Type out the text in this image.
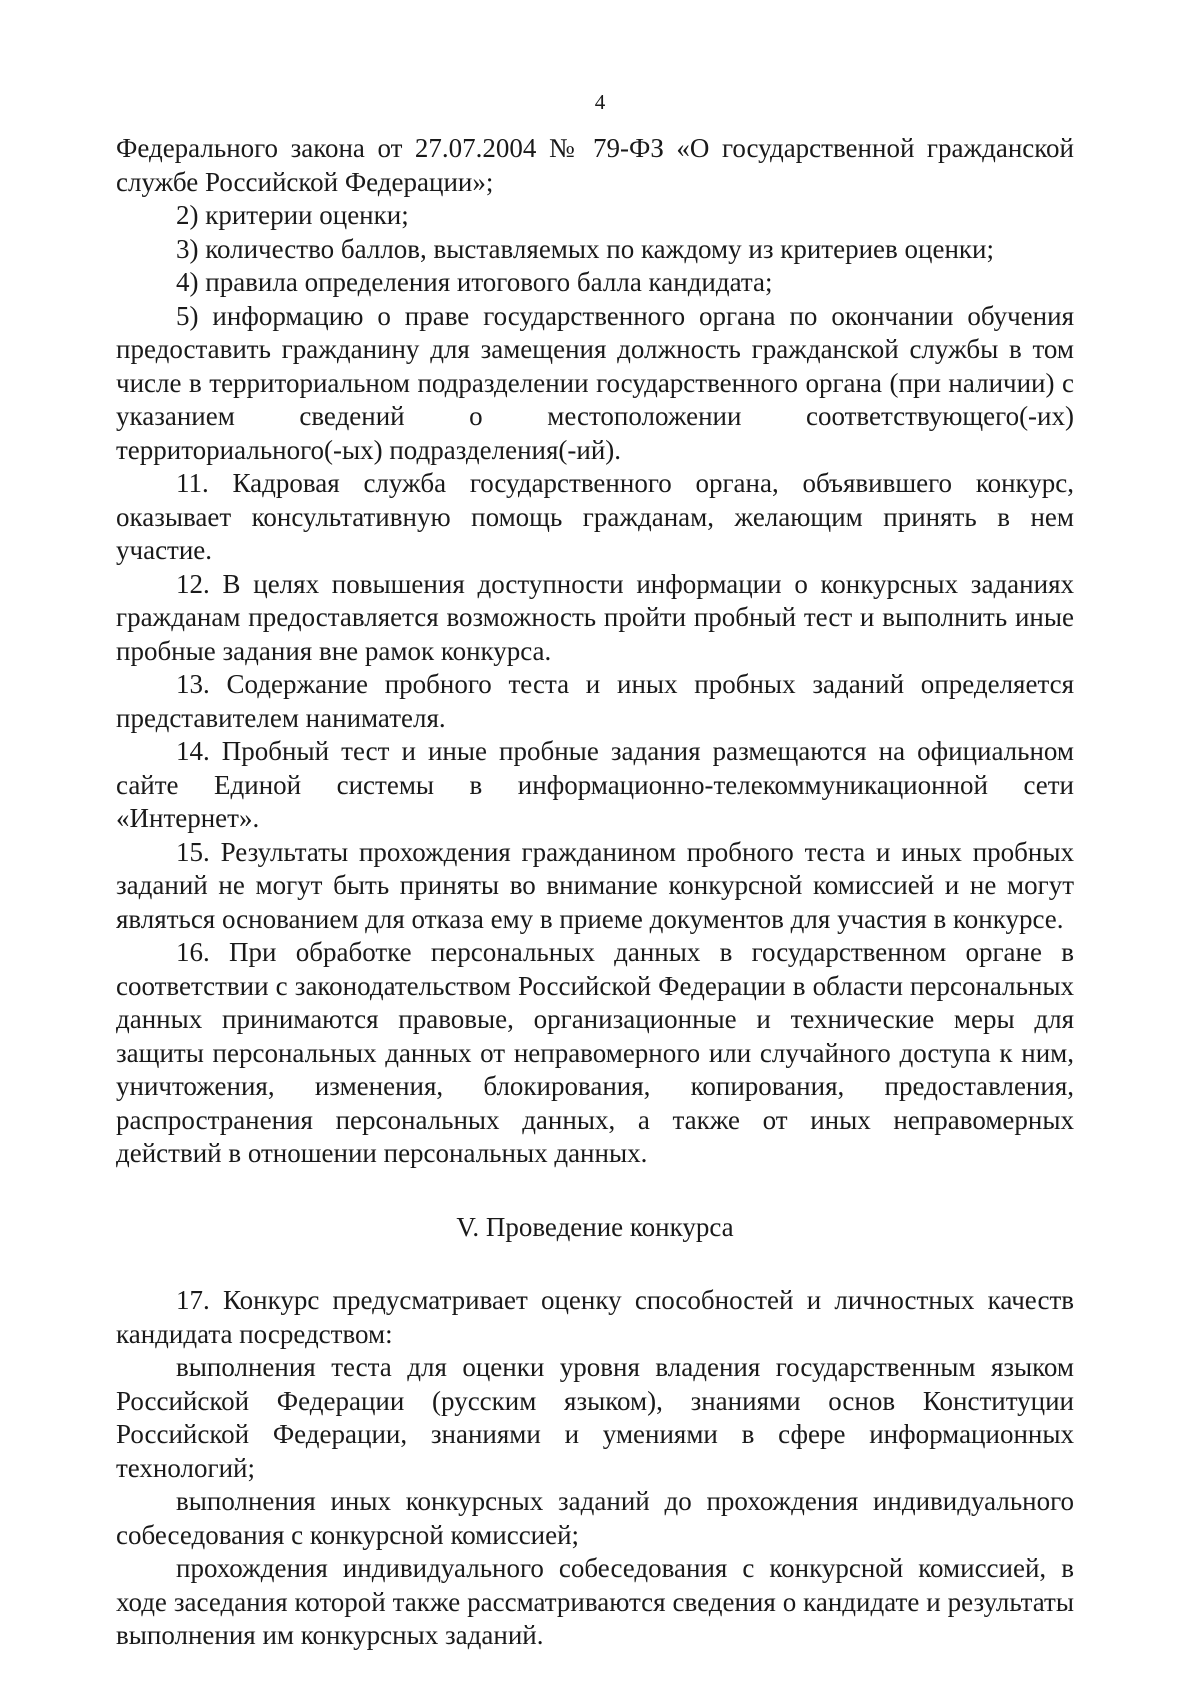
4

Федерального закона от 27.07.2004 № 79-ФЗ «О государственной гражданской службе Российской Федерации»;

2) критерии оценки;

3) количество баллов, выставляемых по каждому из критериев оценки;

4) правила определения итогового балла кандидата;

5) информацию о праве государственного органа по окончании обучения предоставить гражданину для замещения должность гражданской службы в том числе в территориальном подразделении государственного органа (при наличии) с указанием сведений о местоположении соответствующего(-их) территориального(-ых) подразделения(-ий).

11. Кадровая служба государственного органа, объявившего конкурс, оказывает консультативную помощь гражданам, желающим принять в нем участие.

12. В целях повышения доступности информации о конкурсных заданиях гражданам предоставляется возможность пройти пробный тест и выполнить иные пробные задания вне рамок конкурса.

13. Содержание пробного теста и иных пробных заданий определяется представителем нанимателя.

14. Пробный тест и иные пробные задания размещаются на официальном сайте Единой системы в информационно-телекоммуникационной сети «Интернет».

15. Результаты прохождения гражданином пробного теста и иных пробных заданий не могут быть приняты во внимание конкурсной комиссией и не могут являться основанием для отказа ему в приеме документов для участия в конкурсе.

16. При обработке персональных данных в государственном органе в соответствии с законодательством Российской Федерации в области персональных данных принимаются правовые, организационные и технические меры для защиты персональных данных от неправомерного или случайного доступа к ним, уничтожения, изменения, блокирования, копирования, предоставления, распространения персональных данных, а также от иных неправомерных действий в отношении персональных данных.

V. Проведение конкурса

17. Конкурс предусматривает оценку способностей и личностных качеств кандидата посредством:

выполнения теста для оценки уровня владения государственным языком Российской Федерации (русским языком), знаниями основ Конституции Российской Федерации, знаниями и умениями в сфере информационных технологий;

выполнения иных конкурсных заданий до прохождения индивидуального собеседования с конкурсной комиссией;

прохождения индивидуального собеседования с конкурсной комиссией, в ходе заседания которой также рассматриваются сведения о кандидате и результаты выполнения им конкурсных заданий.
